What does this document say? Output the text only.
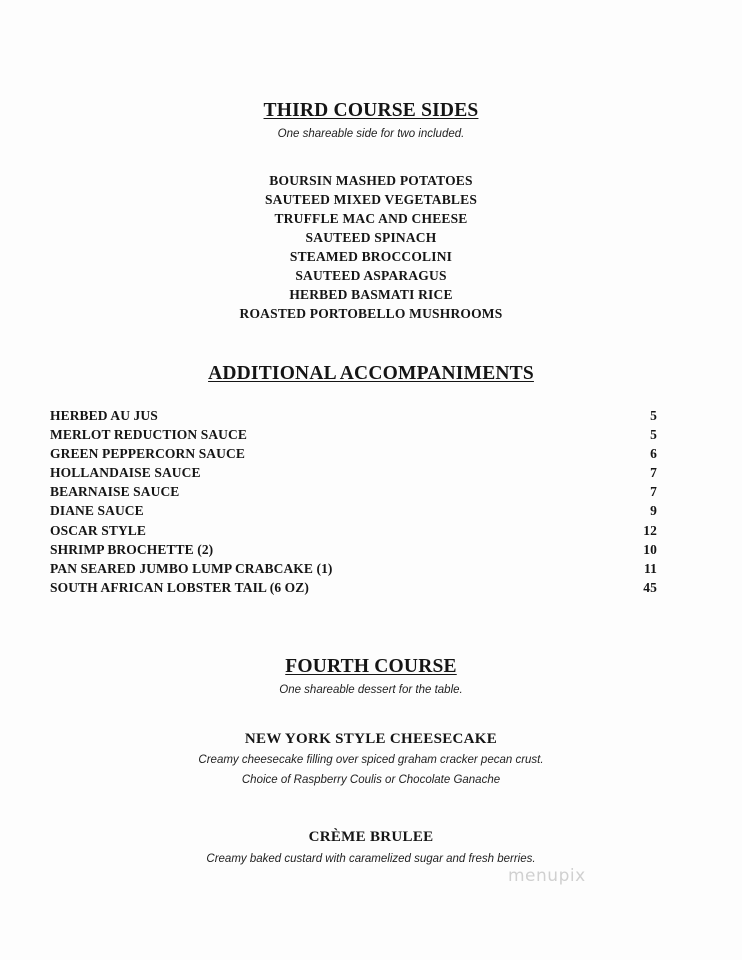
THIRD COURSE SIDES
One shareable side for two included.
BOURSIN MASHED POTATOES
SAUTEED MIXED VEGETABLES
TRUFFLE MAC AND CHEESE
SAUTEED SPINACH
STEAMED BROCCOLINI
SAUTEED ASPARAGUS
HERBED BASMATI RICE
ROASTED PORTOBELLO MUSHROOMS
ADDITIONAL ACCOMPANIMENTS
HERBED AU JUS	5
MERLOT REDUCTION SAUCE	5
GREEN PEPPERCORN SAUCE	6
HOLLANDAISE SAUCE	7
BEARNAISE SAUCE	7
DIANE SAUCE	9
OSCAR STYLE	12
SHRIMP BROCHETTE (2)	10
PAN SEARED JUMBO LUMP CRABCAKE (1)	11
SOUTH AFRICAN LOBSTER TAIL (6 OZ)	45
FOURTH COURSE
One shareable dessert for the table.
NEW YORK STYLE CHEESECAKE
Creamy cheesecake filling over spiced graham cracker pecan crust.
Choice of Raspberry Coulis or Chocolate Ganache
CRÈME BRULEE
Creamy baked custard with caramelized sugar and fresh berries.
menupix
